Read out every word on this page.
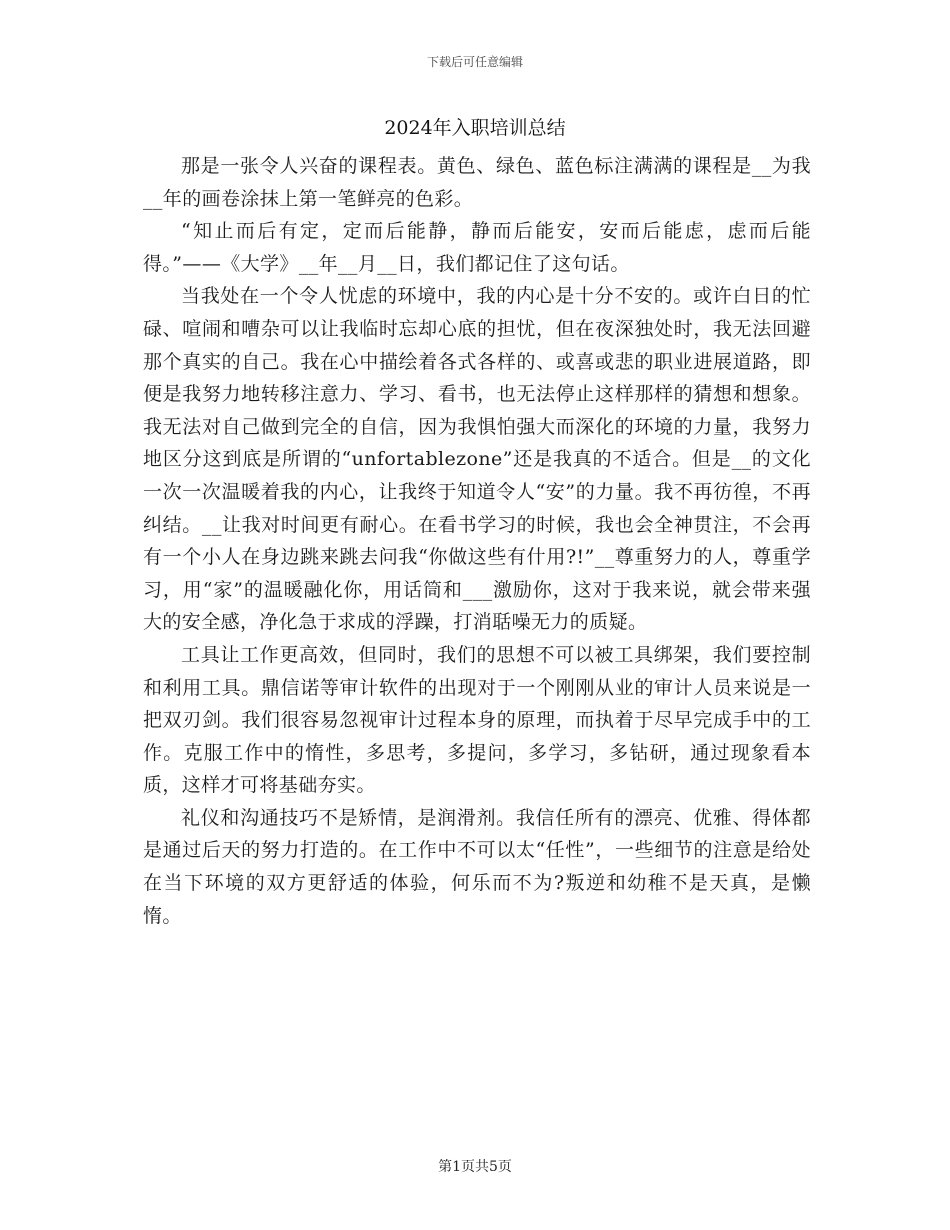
下载后可任意编辑
2024年入职培训总结

那是一张令人兴奋的课程表。黄色、绿色、蓝色标注满满的课程是__为我__年的画卷涂抹上第一笔鲜亮的色彩。

“知止而后有定，定而后能静，静而后能安，安而后能虑，虑而后能得。”——《大学》__年__月__日，我们都记住了这句话。

当我处在一个令人忧虑的环境中，我的内心是十分不安的。或许白日的忙碌、喧闹和嘈杂可以让我临时忘却心底的担忧，但在夜深独处时，我无法回避那个真实的自己。我在心中描绘着各式各样的、或喜或悲的职业进展道路，即便是我努力地转移注意力、学习、看书，也无法停止这样那样的猜想和想象。我无法对自己做到完全的自信，因为我惧怕强大而深化的环境的力量，我努力地区分这到底是所谓的“unfortablezone”还是我真的不适合。但是__的文化一次一次温暖着我的内心，让我终于知道令人“安”的力量。我不再彷徨，不再纠结。__让我对时间更有耐心。在看书学习的时候，我也会全神贯注，不会再有一个小人在身边跳来跳去问我“你做这些有什用?!”__尊重努力的人，尊重学习，用“家”的温暖融化你，用话筒和___激励你，这对于我来说，就会带来强大的安全感，净化急于求成的浮躁，打消聒噪无力的质疑。

工具让工作更高效，但同时，我们的思想不可以被工具绑架，我们要控制和利用工具。鼎信诺等审计软件的出现对于一个刚刚从业的审计人员来说是一把双刃剑。我们很容易忽视审计过程本身的原理，而执着于尽早完成手中的工作。克服工作中的惰性，多思考，多提问，多学习，多钻研，通过现象看本质，这样才可将基础夯实。

礼仪和沟通技巧不是矫情，是润滑剂。我信任所有的漂亮、优雅、得体都是通过后天的努力打造的。在工作中不可以太“任性”，一些细节的注意是给处在当下环境的双方更舒适的体验，何乐而不为?叛逆和幼稚不是天真，是懒惰。

第1页共5页
